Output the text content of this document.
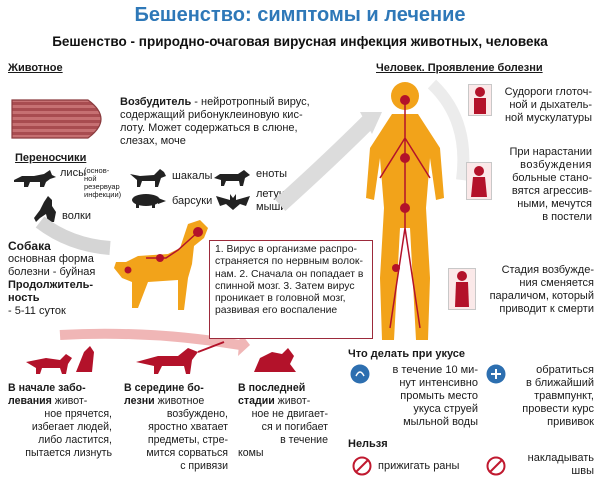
Бешенство: симптомы и лечение
Бешенство - природно-очаговая вирусная инфекция животных, человека
Животное
Возбудитель - нейротропный вирус,
содержащий рибонуклеиновую кис-
лоту. Может содержаться в слюне,
слезах, моче
Переносчики
лисы
(основ-
ной резервуар
инфекции)
волки
шакалы
барсуки
еноты
летучие
мыши
Собака
основная форма
болезни - буйная
Продолжитель-
ность
- 5-11 суток
1. Вирус в организме распро-
страняется по нервным волок-
нам. 2. Сначала он попадает в
спинной мозг. 3. Затем вирус
проникает в головной мозг,
развивая его воспаление
Человек. Проявление болезни
Судороги глоточ-
ной и дыхатель-
ной мускулатуры
При нарастании
возбуждения
больные стано-
вятся агрессив-
ными, мечутся
в постели
Стадия возбужде-
ния сменяется
параличом, который
приводит к смерти
В начале забо-
левания живот-
ное прячется,
избегает людей,
либо ластится,
пытается лизнуть
В середине бо-
лезни животное
возбуждено,
яростно хватает
предметы, стре-
мится сорваться
с привязи
В последней
стадии живот-
ное не двигает-
ся и погибает
в течение
комы
Что делать при укусе
в течение 10 ми-
нут интенсивно
промыть место
укуса струей
мыльной воды
обратиться
в ближайший
травмпункт,
провести курс
прививок
Нельзя
прижигать раны
накладывать
швы
